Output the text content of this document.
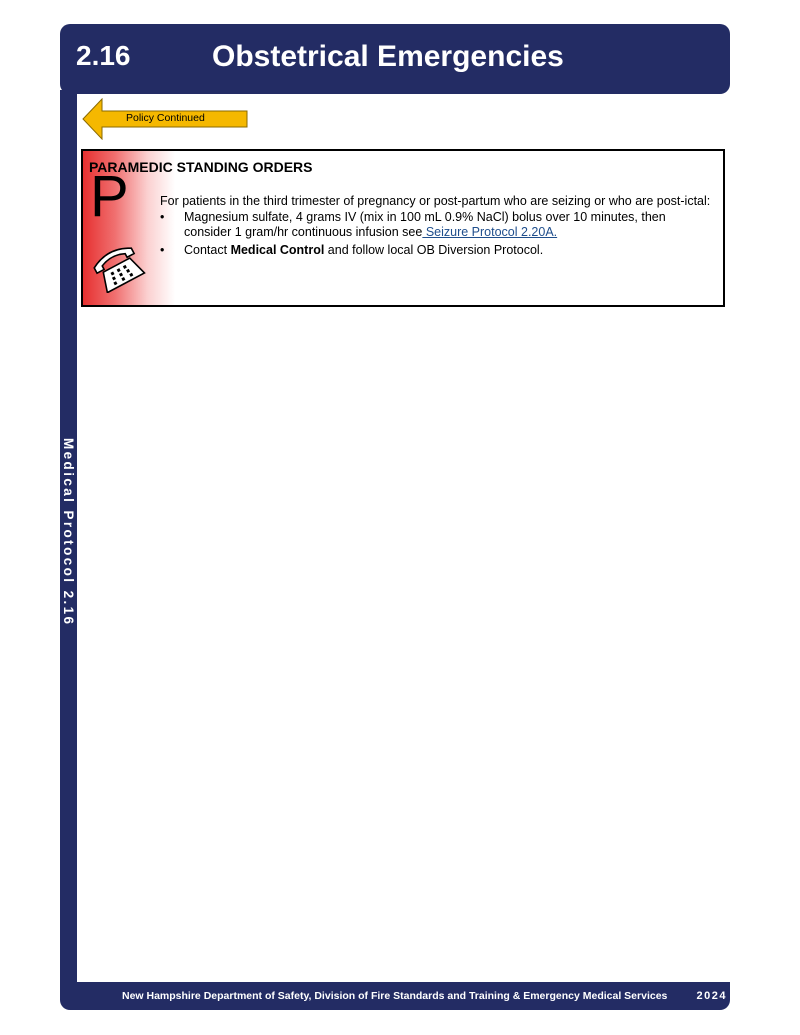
2.16	Obstetrical Emergencies
Medical Protocol 2.16
Policy Continued
PARAMEDIC STANDING ORDERS
P	For patients in the third trimester of pregnancy or post-partum who are seizing or who are post-ictal:

• Magnesium sulfate, 4 grams IV (mix in 100 mL 0.9% NaCl) bolus over 10 minutes, then consider 1 gram/hr continuous infusion see Seizure Protocol 2.20A.
• Contact Medical Control and follow local OB Diversion Protocol.
New Hampshire Department of Safety, Division of Fire Standards and Training & Emergency Medical Services	2024
